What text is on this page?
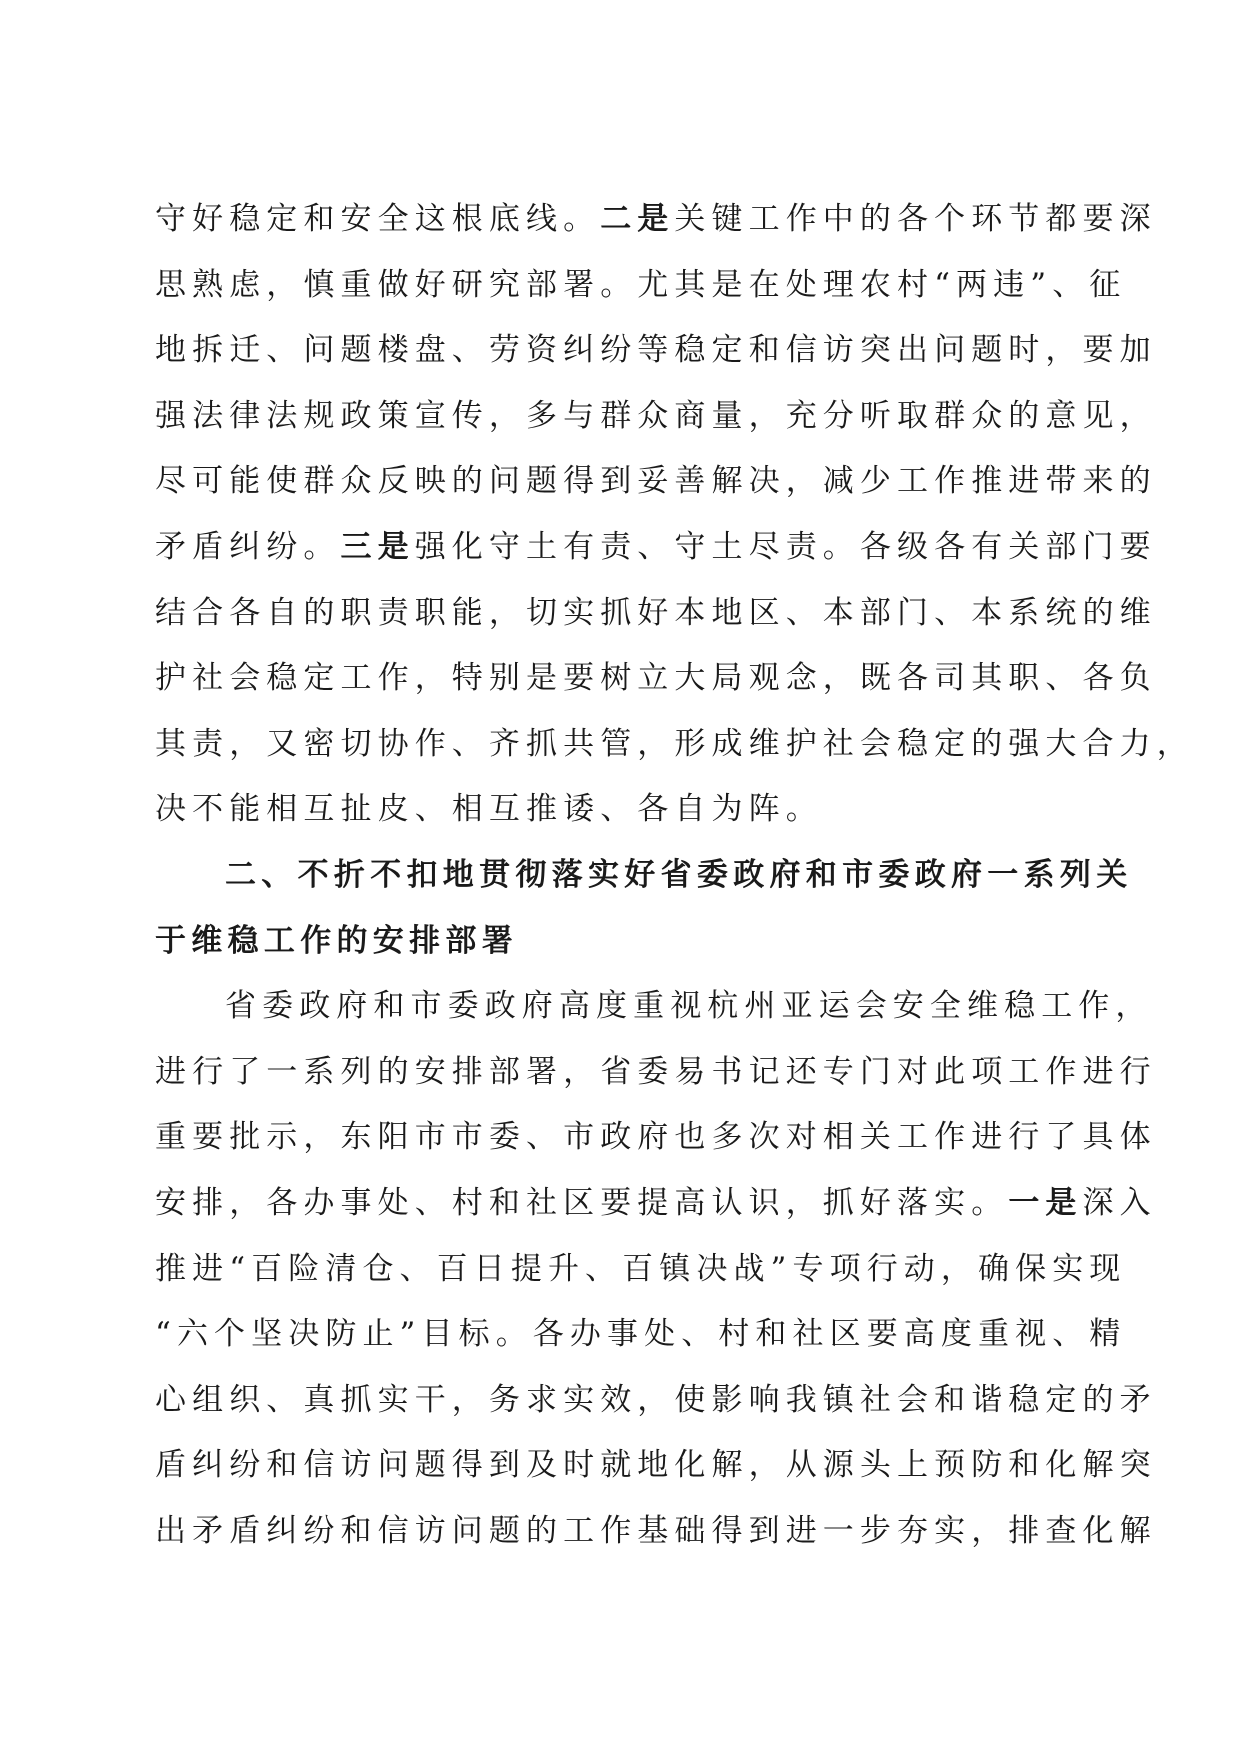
守好稳定和安全这根底线。二是关键工作中的各个环节都要深

思熟虑，慎重做好研究部署。尤其是在处理农村“两违”、征

地拆迁、问题楼盘、劳资纠纷等稳定和信访突出问题时，要加

强法律法规政策宣传，多与群众商量，充分听取群众的意见，

尽可能使群众反映的问题得到妥善解决，减少工作推进带来的

矛盾纠纷。三是强化守土有责、守土尽责。各级各有关部门要

结合各自的职责职能，切实抓好本地区、本部门、本系统的维

护社会稳定工作，特别是要树立大局观念，既各司其职、各负

其责，又密切协作、齐抓共管，形成维护社会稳定的强大合力，

决不能相互扯皮、相互推诿、各自为阵。

二、不折不扣地贯彻落实好省委政府和市委政府一系列关

于维稳工作的安排部署

省委政府和市委政府高度重视杭州亚运会安全维稳工作，

进行了一系列的安排部署，省委易书记还专门对此项工作进行

重要批示，东阳市市委、市政府也多次对相关工作进行了具体

安排，各办事处、村和社区要提高认识，抓好落实。一是深入

推进“百险清仓、百日提升、百镇决战”专项行动，确保实现

“六个坚决防止”目标。各办事处、村和社区要高度重视、精

心组织、真抓实干，务求实效，使影响我镇社会和谐稳定的矛

盾纠纷和信访问题得到及时就地化解，从源头上预防和化解突

出矛盾纠纷和信访问题的工作基础得到进一步夯实，排查化解
